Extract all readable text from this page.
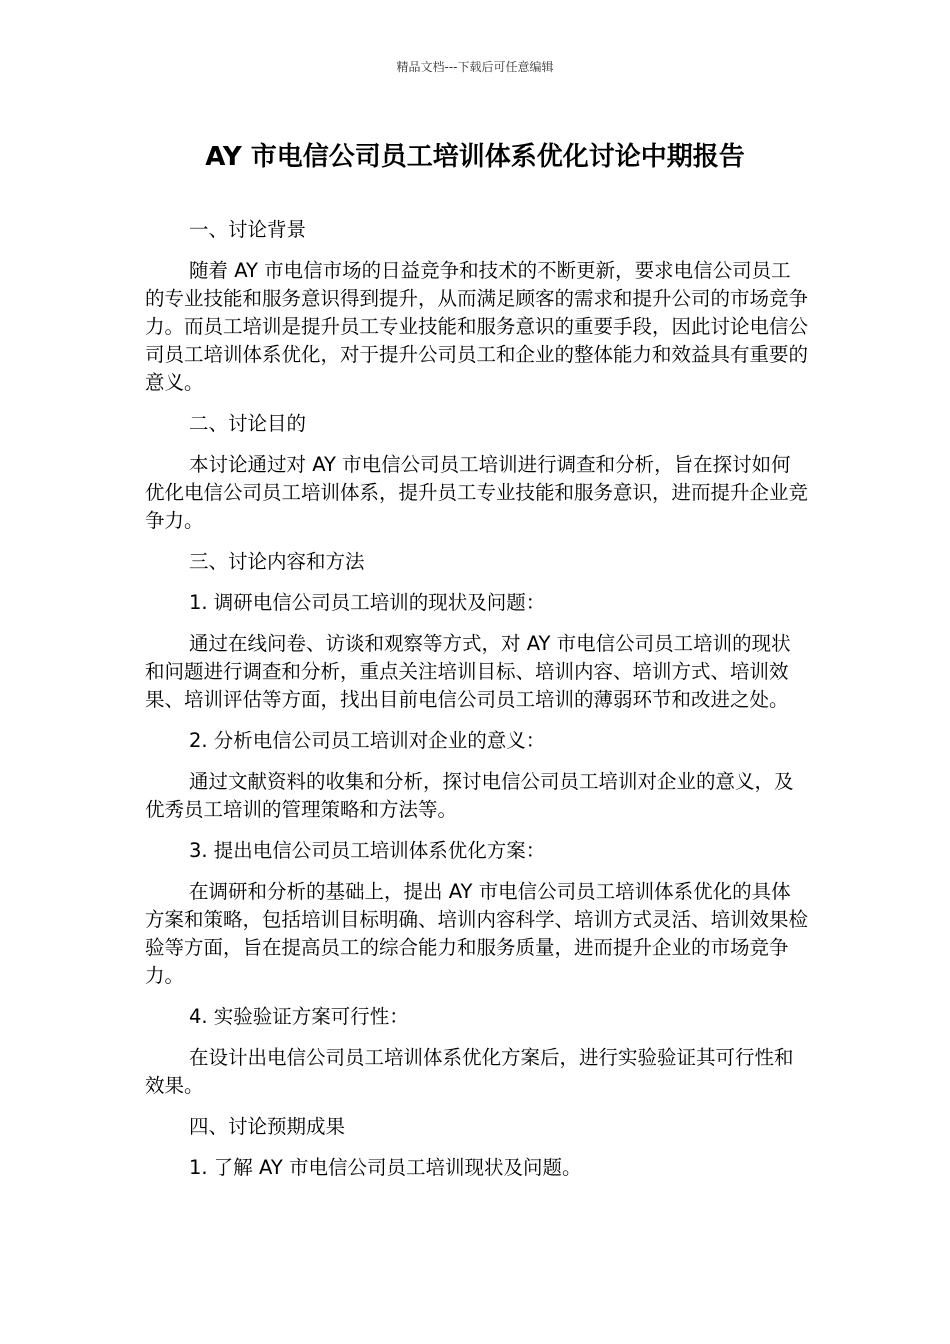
精品文档---下载后可任意编辑
AY 市电信公司员工培训体系优化讨论中期报告

一、讨论背景

随着 AY 市电信市场的日益竞争和技术的不断更新，要求电信公司员工的专业技能和服务意识得到提升，从而满足顾客的需求和提升公司的市场竞争力。而员工培训是提升员工专业技能和服务意识的重要手段，因此讨论电信公司员工培训体系优化，对于提升公司员工和企业的整体能力和效益具有重要的意义。

二、讨论目的

本讨论通过对 AY 市电信公司员工培训进行调查和分析，旨在探讨如何优化电信公司员工培训体系，提升员工专业技能和服务意识，进而提升企业竞争力。

三、讨论内容和方法

1. 调研电信公司员工培训的现状及问题：

通过在线问卷、访谈和观察等方式，对 AY 市电信公司员工培训的现状和问题进行调查和分析，重点关注培训目标、培训内容、培训方式、培训效果、培训评估等方面，找出目前电信公司员工培训的薄弱环节和改进之处。

2. 分析电信公司员工培训对企业的意义：

通过文献资料的收集和分析，探讨电信公司员工培训对企业的意义，及优秀员工培训的管理策略和方法等。

3. 提出电信公司员工培训体系优化方案：

在调研和分析的基础上，提出 AY 市电信公司员工培训体系优化的具体方案和策略，包括培训目标明确、培训内容科学、培训方式灵活、培训效果检验等方面，旨在提高员工的综合能力和服务质量，进而提升企业的市场竞争力。

4. 实验验证方案可行性：

在设计出电信公司员工培训体系优化方案后，进行实验验证其可行性和效果。

四、讨论预期成果

1. 了解 AY 市电信公司员工培训现状及问题。
